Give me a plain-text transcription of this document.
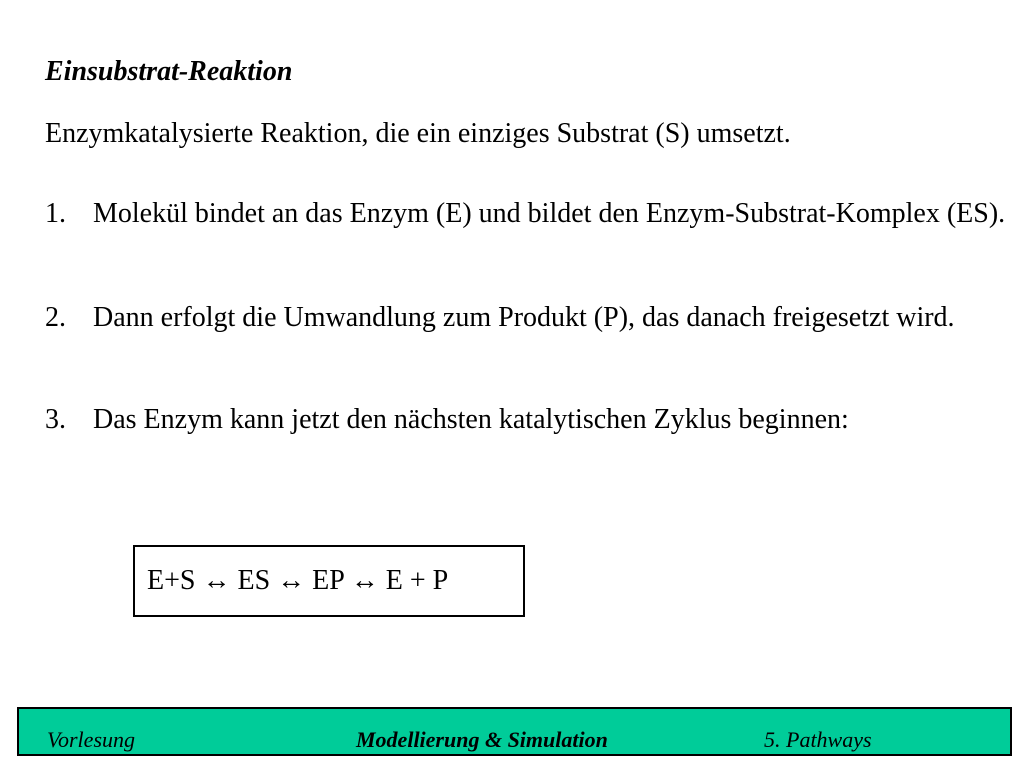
Einsubstrat-Reaktion
Enzymkatalysierte Reaktion, die ein einziges Substrat (S) umsetzt.
1. Molekül bindet an das Enzym (E) und bildet den Enzym-Substrat-Komplex (ES).
2. Dann erfolgt die Umwandlung zum Produkt (P), das danach freigesetzt wird.
3. Das Enzym kann jetzt den nächsten katalytischen Zyklus beginnen:
E+S ↔ ES ↔ EP ↔ E + P
Vorlesung	Modellierung & Simulation	5. Pathways
